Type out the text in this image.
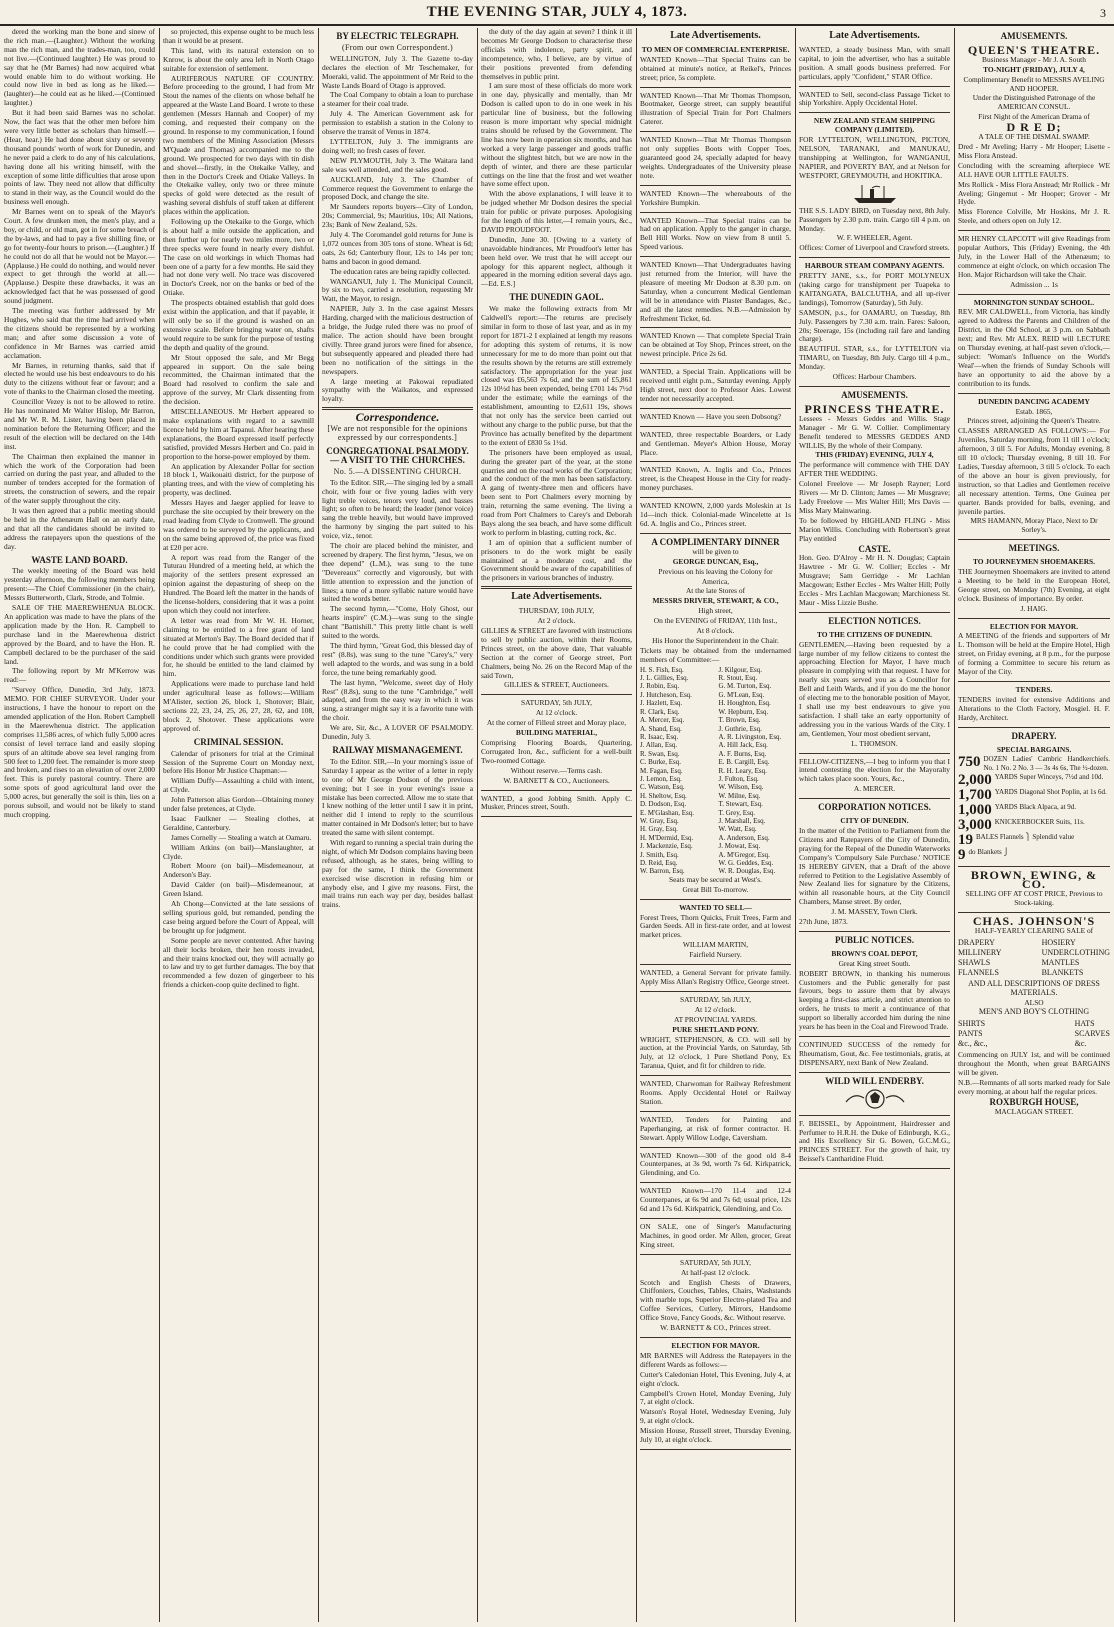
THE EVENING STAR, JULY 4, 1873.	3

dered the working man the bone and sinew of the rich man.—(Laughter.) Without the working man the rich man, and the trades-man, too, could not live.—(Continued laughter.) He was proud to say that he (Mr Barnes) had now acquired what would enable him to do without working. He could now live in bed as long as he liked.—(laughter)—he could eat as he liked.—(Continued laughter.)

But it had been said Barnes was no scholar. Now, the fact was that the other men before him were very little better as scholars than himself.—(Hear, hear.) He had done about sixty or seventy thousand pounds' worth of work for Dunedin, and he never paid a clerk to do any of his calculations, having done all his writing himself, with the exception of some little difficulties that arose upon points of law. They need not allow that difficulty to stand in their way, as the Council would do the business well enough.

Mr Barnes went on to speak of the Mayor's Court. A few drunken men, the men's play, and a boy, or child, or old man, got in for some breach of the by-laws, and had to pay a five shilling fine, or go for twenty-four hours to prison.—(Laughter.) If he could not do all that he would not be Mayor.—(Applause.) He could do nothing, and would never expect to get through the world at all.—(Applause.) Despite these drawbacks, it was an acknowledged fact that he was possessed of good sound judgment.

The meeting was further addressed by Mr Hughes, who said that the time had arrived when the citizens should be represented by a working man; and after some discussion a vote of confidence in Mr Barnes was carried amid acclamation.

Mr Barnes, in returning thanks, said that if elected he would use his best endeavours to do his duty to the citizens without fear or favour; and a vote of thanks to the Chairman closed the meeting.

Councillor Vezey is not to be allowed to retire. He has nominated Mr Walter Hislop, Mr Barron, and Mr W. R. M. Lister, having been placed in nomination before the Returning Officer; and the result of the election will be declared on the 14th inst.

The Chairman then explained the manner in which the work of the Corporation had been carried on during the past year, and alluded to the number of tenders accepted for the formation of streets, the construction of sewers, and the repair of the water supply throughout the city.

It was then agreed that a public meeting should be held in the Athenæum Hall on an early date, and that all the candidates should be invited to address the ratepayers upon the questions of the day.

WASTE LAND BOARD.

The weekly meeting of the Board was held yesterday afternoon, the following members being present:—The Chief Commissioner (in the chair), Messrs Butterworth, Clark, Strode, and Tolmie.

SALE OF THE MAEREWHENUA BLOCK. An application was made to have the plans of the application made by the Hon. R. Campbell to purchase land in the Maerewhenua district approved by the Board, and to have the Hon. R. Campbell declared to be the purchaser of the said land.

The following report by Mr M'Kerrow was read:—

"Survey Office, Dunedin, 3rd July, 1873. MEMO. FOR CHIEF SURVEYOR. Under your instructions, I have the honour to report on the amended application of the Hon. Robert Campbell in the Maerewhenua district. The application comprises 11,586 acres, of which fully 5,000 acres consist of level terrace land and easily sloping spurs of an altitude above sea level ranging from 500 feet to 1,200 feet. The remainder is more steep and broken, and rises to an elevation of over 2,000 feet. This is purely pastoral country. There are some spots of good agricultural land over the 5,000 acres, but generally the soil is thin, lies on a porous subsoil, and would not be likely to stand much cropping.

so projected, this expense ought to be much less than it would be at present.

This land, with its natural extension on to Knrow, is about the only area left in North Otago suitable for extension of settlement.

AURIFEROUS NATURE OF COUNTRY. Before proceeding to the ground, I had from Mr Stout the names of the clients on whose behalf he appeared at the Waste Land Board. I wrote to these gentlemen (Messrs Hannah and Cooper) of my coming, and requested their company on the ground. In response to my communication, I found two members of the Mining Association (Messrs M'Quade and Thomas) accompanied me to the ground. We prospected for two days with tin dish and shovel—firstly, in the Otekaike Valley, and then in the Doctor's Creek and Otiake Valleys. In the Otekaike valley, only two or three minute specks of gold were detected as the result of washing several dishfuls of stuff taken at different places within the application.

Following up the Otekaike to the Gorge, which is about half a mile outside the application, and then further up for nearly two miles more, two or three specks were found in nearly every dishful. The case on old workings in which Thomas had been one of a party for a few months. He said they had not done very well. No trace was discovered in Doctor's Creek, nor on the banks or bed of the Otiake.

The prospects obtained establish that gold does exist within the application, and that if payable, it will only be so if the ground is washed on an extensive scale. Before bringing water on, shafts would require to be sunk for the purpose of testing the depth and quality of the ground.

Mr Stout opposed the sale, and Mr Begg appeared in support. On the sale being recommitted, the Chairman intimated that the Board had resolved to confirm the sale and approve of the survey, Mr Clark dissenting from the decision.

MISCELLANEOUS. Mr Herbert appeared to make explanations with regard to a sawmill licence held by him at Tapanui. After hearing these explanations, the Board expressed itself perfectly satisfied, provided Messrs Herbert and Co. paid in proportion to the horse-power employed by them.

An application by Alexander Pollar for section 18 block 1, Waikouaiti district, for the purpose of planting trees, and with the view of completing his property, was declined.

Messrs Hayes and Jaeger applied for leave to purchase the site occupied by their brewery on the road leading from Clyde to Cromwell. The ground was ordered to be surveyed by the applicants, and on the same being approved of, the price was fixed at £20 per acre.

A report was read from the Ranger of the Tuturau Hundred of a meeting held, at which the majority of the settlers present expressed an opinion against the depasturing of sheep on the Hundred. The Board left the matter in the hands of the license-holders, considering that it was a point upon which they could not interfere.

A letter was read from Mr W. H. Horner, claiming to be entitled to a free grant of land situated at Merton's Bay. The Board decided that if he could prove that he had complied with the conditions under which such grants were provided for, he should be entitled to the land claimed by him.

Applications were made to purchase land held under agricultural lease as follows:—William M'Alister, section 26, block 1, Shotover; Blair, sections 22, 23, 24, 25, 26, 27, 28, 62, and 108, block 2, Shotover. These applications were approved of.

CRIMINAL SESSION.

Calendar of prisoners for trial at the Criminal Session of the Supreme Court on Monday next, before His Honor Mr Justice Chapman:—

William Duffy—Assaulting a child with intent, at Clyde.

John Patterson alias Gordon—Obtaining money under false pretences, at Clyde.

Isaac Faulkner — Stealing clothes, at Geraldine, Canterbury.

James Cornelly — Stealing a watch at Oamaru.

William Atkins (on bail)—Manslaughter, at Clyde.

Robert Moore (on bail)—Misdemeanour, at Anderson's Bay.

David Calder (on bail)—Misdemeanour, at Green Island.

Ah Chong—Convicted at the late sessions of selling spurious gold, but remanded, pending the case being argued before the Court of Appeal, will be brought up for judgment.

Some people are never contented. After having all their locks broken, their hen roosts invaded, and their trains knocked out, they will actually go to law and try to get further damages. The boy that recommended a few dozen of gingerbeer to his friends a chicken-coop quite declined to fight.

BY ELECTRIC TELEGRAPH.
(From our own Correspondent.)

WELLINGTON, July 3. The Gazette to-day declares the election of Mr Teschemaker, for Moeraki, valid. The appointment of Mr Reid to the Waste Lands Board of Otago is approved.

The Coal Company to obtain a loan to purchase a steamer for their coal trade.

July 4. The American Government ask for permission to establish a station in the Colony to observe the transit of Venus in 1874.

LYTTELTON, July 3. The immigrants are doing well; no fresh cases of fever.

NEW PLYMOUTH, July 3. The Waitara land sale was well attended, and the sales good.

AUCKLAND, July 3. The Chamber of Commerce request the Government to enlarge the proposed Dock, and change the site.

Mr Saunders reports buyers—City of London, 20s; Commercial, 9s; Mauritius, 10s; All Nations, 23s; Bank of New Zealand, 52s.

July 4. The Coromandel gold returns for June is 1,072 ounces from 305 tons of stone. Wheat is 6d; oats, 2s 6d; Canterbury flour, 12s to 14s per ton; hams and bacon in good demand.

The education rates are being rapidly collected.

WANGANUI, July 1. The Municipal Council, by six to two, carried a resolution, requesting Mr Watt, the Mayor, to resign.

NAPIER, July 3. In the case against Messrs Harding, charged with the malicious destruction of a bridge, the Judge ruled there was no proof of malice. The action should have been brought civilly. Three grand jurors were fined for absence, but subsequently appeared and pleaded there had been no notification of the sittings in the newspapers.

A large meeting at Pakowai repudiated sympathy with the Waikatos, and expressed loyalty.

Correspondence.
[We are not responsible for the opinions expressed by our correspondents.]
CONGREGATIONAL PSALMODY. — A VISIT TO THE CHURCHES.
No. 5.—A DISSENTING CHURCH.

To the Editor. SIR,—The singing led by a small choir, with four or five young ladies with very light treble voices, tenors very loud, and basses light; so often to be heard; the leader (tenor voice) sang the treble heavily, but would have improved the harmony by singing the part suited to his voice, viz., tenor.

The choir are placed behind the minister, and screened by drapery. The first hymn, "Jesus, we on thee depend" (L.M.), was sung to the tune "Devereaux" correctly and vigorously, but with little attention to expression and the junction of lines; a tune of a more syllabic nature would have suited the words better.

The second hymn,—"Come, Holy Ghost, our hearts inspire" (C.M.)—was sung to the single chant "Battishill." This pretty little chant is well suited to the words.

The third hymn, "Great God, this blessed day of rest" (8.8s), was sung to the tune "Carey's," very well adapted to the words, and was sung in a bold force, the tune being remarkably good.

The last hymn, "Welcome, sweet day of Holy Rest" (8.8s), sung to the tune "Cambridge," well adapted, and from the easy way in which it was sung, a stranger might say it is a favorite tune with the choir.

We are, Sir, &c., A LOVER OF PSALMODY. Dunedin, July 3.

RAILWAY MISMANAGEMENT.

To the Editor. SIR,—In your morning's issue of Saturday I appear as the writer of a letter in reply to one of Mr George Dodson of the previous evening; but I see in your evening's issue a mistake has been corrected. Allow me to state that I knew nothing of the letter until I saw it in print, neither did I intend to reply to the scurrilous matter contained in Mr Dodson's letter; but to have treated the same with silent contempt.

With regard to running a special train during the night, of which Mr Dodson complains having been refused, although, as he states, being willing to pay for the same, I think the Government exercised wise discretion in refusing him or anybody else, and I give my reasons. First, the mail trains run each way per day, besides ballast trains.

the duty of the day again at seven? I think it ill becomes Mr George Dodson to characterise these officials with indolence, party spirit, and incompetence, who, I believe, are by virtue of their positions prevented from defending themselves in public print.

I am sure most of these officials do more work in one day, physically and mentally, than Mr Dodson is called upon to do in one week in his particular line of business, but the following reason is more important why special midnight trains should be refused by the Government. The line has now been in operation six months, and has worked a very large passenger and goods traffic without the slightest hitch, but we are now in the depth of winter, and there are these particular cuttings on the line that the frost and wet weather have some effect upon.

With the above explanations, I will leave it to be judged whether Mr Dodson desires the special train for public or private purposes. Apologising for the length of this letter,—I remain yours, &c., DAVID PROUDFOOT.

Dunedin, June 30. [Owing to a variety of unavoidable hindrances, Mr Proudfoot's letter has been held over. We trust that he will accept our apology for this apparent neglect, although it appeared in the morning edition several days ago.—Ed. E.S.]

THE DUNEDIN GAOL.

We make the following extracts from Mr Caldwell's report:—The returns are precisely similar in form to those of last year, and as in my report for 1871-2 I explained at length my reasons for adopting this system of returns, it is now unnecessary for me to do more than point out that the results shown by the returns are still extremely satisfactory. The appropriation for the year just closed was £6,563 7s 6d, and the sum of £5,861 12s 10½d has been expended, being £701 14s 7½d under the estimate; while the earnings of the establishment, amounting to £2,611 19s, shows that not only has the service been carried out without any charge to the public purse, but that the Province has actually benefited by the department to the extent of £830 5s 1½d.

The prisoners have been employed as usual, during the greater part of the year, at the stone quarries and on the road works of the Corporation; and the conduct of the men has been satisfactory. A gang of twenty-three men and officers have been sent to Port Chalmers every morning by train, returning the same evening. The living a road from Port Chalmers to Carey's and Deborah Bays along the sea beach, and have some difficult work to perform in blasting, cutting rock, &c.

I am of opinion that a sufficient number of prisoners to do the work might be easily maintained at a moderate cost, and the Government should be aware of the capabilities of the prisoners in various branches of industry.

Late Advertisements.

THURSDAY, 10th JULY,

At 2 o'clock.

GILLIES & STREET are favored with instructions to sell by public auction, within their Rooms, Princes street, on the above date, That valuable Section at the corner of George street, Port Chalmers, being No. 26 on the Record Map of the said Town,

GILLIES & STREET, Auctioneers.

SATURDAY, 5th JULY,

At 12 o'clock.

At the corner of Filleul street and Moray place,

BUILDING MATERIAL,

Comprising Flooring Boards, Quartering, Corrugated Iron, &c., sufficient for a well-built Two-roomed Cottage.

Without reserve.—Terms cash.

W. BARNETT & CO., Auctioneers.

WANTED, a good Jobbing Smith. Apply C. Musker, Princes street, South.

Late Advertisements.

TO MEN OF COMMERCIAL ENTERPRISE.

WANTED Known—That Special Trains can be obtained at minute's notice, at Reikel's, Princes street; price, 5s complete.

WANTED Known—That Mr Thomas Thompson, Bootmaker, George street, can supply beautiful illustration of Special Train for Port Chalmers Caterer.

WANTED Known—That Mr Thomas Thompson not only supplies Boots with Copper Toes, guaranteed good 24, specially adapted for heavy weights. Undergraduates of the University please note.

WANTED Known—The whereabouts of the Yorkshire Bumpkin.

WANTED Known—That Special trains can be had on application. Apply to the ganger in charge, Bell Hill Works. Now on view from 8 until 5. Speed various.

WANTED Known—That Undergraduates having just returned from the Interior, will have the pleasure of meeting Mr Dodson at 8.30 p.m. on Saturday, when a concurrent Medical Gentleman will be in attendance with Plaster Bandages, &c., and all the latest remedies. N.B.—Admission by Refreshment Ticket, 6d.

WANTED Known — That complete Special Train can be obtained at Toy Shop, Princes street, on the newest principle. Price 2s 6d.

WANTED, a Special Train. Applications will be received until eight p.m., Saturday evening. Apply High street, next door to Professor Aies. Lowest tender not necessarily accepted.

WANTED Known — Have you seen Dobsong?

WANTED, three respectable Boarders, or Lady and Gentleman. Meyer's Albion House, Moray Place.

WANTED Known, A. Inglis and Co., Princes street, is the Cheapest House in the City for ready-money purchases.

WANTED KNOWN, 2,000 yards Moleskin at 1s 1d—inch thick. Colonial-made Wincelette at 1s 6d. A. Inglis and Co., Princes street.

A COMPLIMENTARY DINNER

will be given to

GEORGE DUNCAN, Esq.,

Previous on his leaving the Colony for

America,

At the late Stores of

MESSRS DRIVER, STEWART, & CO.,

High street,

On the EVENING of FRIDAY, 11th Inst.,

At 8 o'clock.

His Honor the Superintendent in the Chair.

Tickets may be obtained from the undernamed members of Committee:—

H. S. Fish, Esq.
J. L. Gillies, Esq.
J. Robin, Esq.
J. Hutcheson, Esq.
J. Hazlett, Esq.
R. Clark, Esq.
A. Mercer, Esq.
A. Shand, Esq.
R. Isaac, Esq.
J. Allan, Esq.
R. Swan, Esq.
C. Burke, Esq.
M. Fagan, Esq.
J. Lemon, Esq.
C. Watson, Esq.
H. Sheltow, Esq.
D. Dodson, Esq.
E. M'Glashan, Esq.
W. Gray, Esq.
H. Gray, Esq.
H. M'Dermid, Esq.
J. Mackenzie, Esq.
J. Smith, Esq.
D. Reid, Esq.
W. Barron, Esq.
J. Kilgour, Esq.
R. Stout, Esq.
G. M. Turton, Esq.
G. M'Lean, Esq.
H. Houghton, Esq.
W. Hepburn, Esq.
T. Brown, Esq.
J. Guthrie, Esq.
A. R. Livingston, Esq.
A. Hill Jack, Esq.
A. F. Burns, Esq.
E. B. Cargill, Esq.
R. H. Leary, Esq.
J. Fulton, Esq.
W. Wilson, Esq.
W. Milne, Esq.
T. Stewart, Esq.
T. Grey, Esq.
J. Marshall, Esq.
W. Watt, Esq.
A. Anderson, Esq.
J. Mowat, Esq.
A. M'Gregor, Esq.
W. G. Geddes, Esq.
W. R. Douglas, Esq.

Seats may be secured at West's.

Great Bill To-morrow.

WANTED TO SELL—

Forest Trees, Thorn Quicks, Fruit Trees, Farm and Garden Seeds. All in first-rate order, and at lowest market prices.

WILLIAM MARTIN,

Fairfield Nursery.

WANTED, a General Servant for private family. Apply Miss Allan's Registry Office, George street.

SATURDAY, 5th JULY,

At 12 o'clock.

AT PROVINCIAL YARDS.

PURE SHETLAND PONY.

WRIGHT, STEPHENSON, & CO. will sell by auction, at the Provincial Yards, on Saturday, 5th July, at 12 o'clock, 1 Pure Shetland Pony, Ex Taranua, Quiet, and fit for children to ride.

WANTED, Charwoman for Railway Refreshment Rooms. Apply Occidental Hotel or Railway Station.

WANTED, Tenders for Painting and Paperhanging, at risk of former contractor. H. Stewart. Apply Willow Lodge, Caversham.

WANTED Known—300 of the good old 8-4 Counterpanes, at 3s 9d, worth 7s 6d. Kirkpatrick, Glendining, and Co.

WANTED Known—170 11-4 and 12-4 Counterpanes, at 6s 9d and 7s 6d; usual price, 12s 6d and 17s 6d. Kirkpatrick, Glendining, and Co.

ON SALE, one of Singer's Manufacturing Machines, in good order. Mr Allen, grocer, Great King street.

SATURDAY, 5th JULY,

At half-past 12 o'clock.

Scotch and English Chests of Drawers, Chiffoniers, Couches, Tables, Chairs, Washstands with marble tops, Superior Electro-plated Tea and Coffee Services, Cutlery, Mirrors, Handsome Office Stove, Fancy Goods, &c. Without reserve.

W. BARNETT & CO., Princes street.

ELECTION FOR MAYOR.

MR BARNES will Address the Ratepayers in the different Wards as follows:—

Cutter's Caledonian Hotel, This Evening, July 4, at eight o'clock.

Campbell's Crown Hotel, Monday Evening, July 7, at eight o'clock.

Watson's Royal Hotel, Wednesday Evening, July 9, at eight o'clock.

Mission House, Russell street, Thursday Evening, July 10, at eight o'clock.

Late Advertisements.

WANTED, a steady business Man, with small capital, to join the advertiser, who has a suitable position. A small goods business preferred. For particulars, apply "Confident," STAR Office.

WANTED to Sell, second-class Passage Ticket to ship Yorkshire. Apply Occidental Hotel.

NEW ZEALAND STEAM SHIPPING COMPANY (LIMITED).

FOR LYTTELTON, WELLINGTON, PICTON, NELSON, TARANAKI, and MANUKAU, transhipping at Wellington, for WANGANUI, NAPIER, and POVERTY BAY, and at Nelson for WESTPORT, GREYMOUTH, and HOKITIKA.

THE S.S. LADY BIRD, on Tuesday next, 8th July. Passengers by 2.30 p.m. train. Cargo till 4 p.m. on Monday.

W. F. WHEELER, Agent.

Offices: Corner of Liverpool and Crawford streets.

HARBOUR STEAM COMPANY AGENTS.

PRETTY JANE, s.s., for PORT MOLYNEUX (taking cargo for transhipment per Tuapeka to KAITANGATA, BALCLUTHA, and all up-river landings), Tomorrow (Saturday), 5th July.

SAMSON, p.s., for OAMARU, on Tuesday, 8th July. Passengers by 7.30 a.m. train. Fares: Saloon, 20s; Steerage, 15s (including rail fare and landing charge).

BEAUTIFUL STAR, s.s., for LYTTELTON via TIMARU, on Tuesday, 8th July. Cargo till 4 p.m., Monday.

Offices: Harbour Chambers.

AMUSEMENTS.

PRINCESS THEATRE.

Lessees - Messrs Geddes and Willis. Stage Manager - Mr G. W. Collier. Complimentary Benefit tendered to MESSRS GEDDES AND WILLIS, By the whole of their Company.

THIS (FRIDAY) EVENING, JULY 4,

The performance will commence with THE DAY AFTER THE WEDDING.

Colonel Freelove — Mr Joseph Rayner; Lord Rivers — Mr D. Clinton; James — Mr Musgrave; Lady Freelove — Mrs Walter Hill; Mrs Davis — Miss Mary Mainwaring.

To be followed by HIGHLAND FLING - Miss Marion Willis. Concluding with Robertson's great Play entitled

CASTE.

Hon. Geo. D'Alroy - Mr H. N. Douglas; Captain Hawtree - Mr G. W. Collier; Eccles - Mr Musgrave; Sam Gerridge - Mr Lachlan Macgowan; Esther Eccles - Mrs Walter Hill; Polly Eccles - Mrs Lachlan Macgowan; Marchioness St. Maur - Miss Lizzie Bushe.

ELECTION NOTICES.

TO THE CITIZENS OF DUNEDIN.

GENTLEMEN,—Having been requested by a large number of my fellow citizens to contest the approaching Election for Mayor, I have much pleasure in complying with that request. I have for nearly six years served you as a Councillor for Bell and Leith Wards, and if you do me the honor of electing me to the honorable position of Mayor, I shall use my best endeavours to give you satisfaction. I shall take an early opportunity of addressing you in the various Wards of the City. I am, Gentlemen, Your most obedient servant,

L. THOMSON.

FELLOW-CITIZENS,—I beg to inform you that I intend contesting the election for the Mayoralty which takes place soon. Yours, &c.,

A. MERCER.

CORPORATION NOTICES.

CITY OF DUNEDIN.

In the matter of the Petition to Parliament from the Citizens and Ratepayers of the City of Dunedin, praying for the Repeal of the Dunedin Waterworks Company's 'Compulsory Sale Purchase.' NOTICE IS HEREBY GIVEN, that a Draft of the above referred to Petition to the Legislative Assembly of New Zealand lies for signature by the Citizens, within all reasonable hours, at the City Council Chambers, Manse street. By order,

J. M. MASSEY, Town Clerk.

27th June, 1873.

PUBLIC NOTICES.

BROWN'S COAL DEPOT,

Great King street South.

ROBERT BROWN, in thanking his numerous Customers and the Public generally for past favours, begs to assure them that by always keeping a first-class article, and strict attention to orders, he trusts to merit a continuance of that support so liberally accorded him during the nine years he has been in the Coal and Firewood Trade.

CONTINUED SUCCESS of the remedy for Rheumatism, Gout, &c. Fee testimonials, gratis, at DISPENSARY, next Bank of New Zealand.

WILD WILL ENDERBY.

F. BEISSEL, by Appointment, Hairdresser and Perfumer to H.R.H. the Duke of Edinburgh, K.G., and His Excellency Sir G. Bowen, G.C.M.G., PRINCES STREET. For the growth of hair, try Beissel's Cantharidine Fluid.

AMUSEMENTS.

QUEEN'S THEATRE.

Business Manager - Mr J. A. South

TO-NIGHT (FRIDAY), JULY 4,

Complimentary Benefit to MESSRS AVELING AND HOOPER.

Under the Distinguished Patronage of the AMERICAN CONSUL.

First Night of the American Drama of

D R E D;

A TALE OF THE DISMAL SWAMP.

Dred - Mr Aveling; Harry - Mr Hooper; Lisette - Miss Flora Anstead.

Concluding with the screaming afterpiece WE ALL HAVE OUR LITTLE FAULTS.

Mrs Rollick - Miss Flora Anstead; Mr Rollick - Mr Aveling; Gingernut - Mr Hooper; Grover - Mr Hyde.

Miss Florence Colville, Mr Hoskins, Mr J. R. Steele, and others open on July 12.

MR HENRY CLAPCOTT will give Readings from popular Authors, This (Friday) Evening, the 4th July, in the Lower Hall of the Athenæum; to commence at eight o'clock, on which occasion The Hon. Major Richardson will take the Chair.

Admission ... 1s

MORNINGTON SUNDAY SCHOOL.

REV. MR CALDWELL, from Victoria, has kindly agreed to Address the Parents and Children of the District, in the Old School, at 3 p.m. on Sabbath next; and Rev. Mr ALEX. REID will LECTURE on Thursday evening, at half-past seven o'clock,—subject: 'Woman's Influence on the World's Weal'—when the friends of Sunday Schools will have an opportunity to aid the above by a contribution to its funds.

DUNEDIN DANCING ACADEMY

Estab. 1865,

Princes street, adjoining the Queen's Theatre.

CLASSES ARRANGED AS FOLLOWS:— For Juveniles, Saturday morning, from 11 till 1 o'clock; afternoon, 3 till 5. For Adults, Monday evening, 8 till 10 o'clock; Thursday evening, 8 till 10. For Ladies, Tuesday afternoon, 3 till 5 o'clock. To each of the above an hour is given previously, for instruction, so that Ladies and Gentlemen receive all necessary attention. Terms, One Guinea per quarter. Bands provided for balls, evening, and juvenile parties.

MRS HAMANN, Moray Place, Next to Dr Sorley's.

MEETINGS.

TO JOURNEYMEN SHOEMAKERS.

THE Journeymen Shoemakers are invited to attend a Meeting to be held in the European Hotel, George street, on Monday (7th) Evening, at eight o'clock. Business of importance. By order.

J. HAIG.

ELECTION FOR MAYOR.

A MEETING of the friends and supporters of Mr L. Thomson will be held at the Empire Hotel, High street, on Friday evening, at 8 p.m., for the purpose of forming a Committee to secure his return as Mayor of the City.

TENDERS.

TENDERS invited for extensive Additions and Alterations to the Cloth Factory, Mosgiel. H. F. Hardy, Architect.

DRAPERY.

SPECIAL BARGAINS.

750 DOZEN Ladies' Cambric Handkerchiefs. No. 1 No. 2 No. 3 — 3s 4s 6s, The ½-dozen.
2,000 YARDS Super Winceys, 7½d and 10d.
1,700 YARDS Diagonal Shot Poplin, at 1s 6d.
1,000 YARDS Black Alpaca, at 9d.
3,000 KNICKERBOCKER Suits, 11s.
19 BALES Flannels ⎫ Splendid value
9 do Blankets ⎭

BROWN, EWING, & CO.

SELLING OFF AT COST PRICE, Previous to Stock-taking.

CHAS. JOHNSON'S

HALF-YEARLY CLEARING SALE of

DRAPERY
MILLINERY
SHAWLS
FLANNELS
HOSIERY
UNDERCLOTHING
MANTLES
BLANKETS

AND ALL DESCRIPTIONS OF DRESS MATERIALS.

ALSO

MEN'S AND BOY'S CLOTHING

SHIRTS
PANTS
&c., &c.,
HATS
SCARVES
&c.

Commencing on JULY 1st, and will be continued throughout the Month, when great BARGAINS will be given.

N.B.—Remnants of all sorts marked ready for Sale every morning, at about half the regular prices.

ROXBURGH HOUSE,

MACLAGGAN STREET.
